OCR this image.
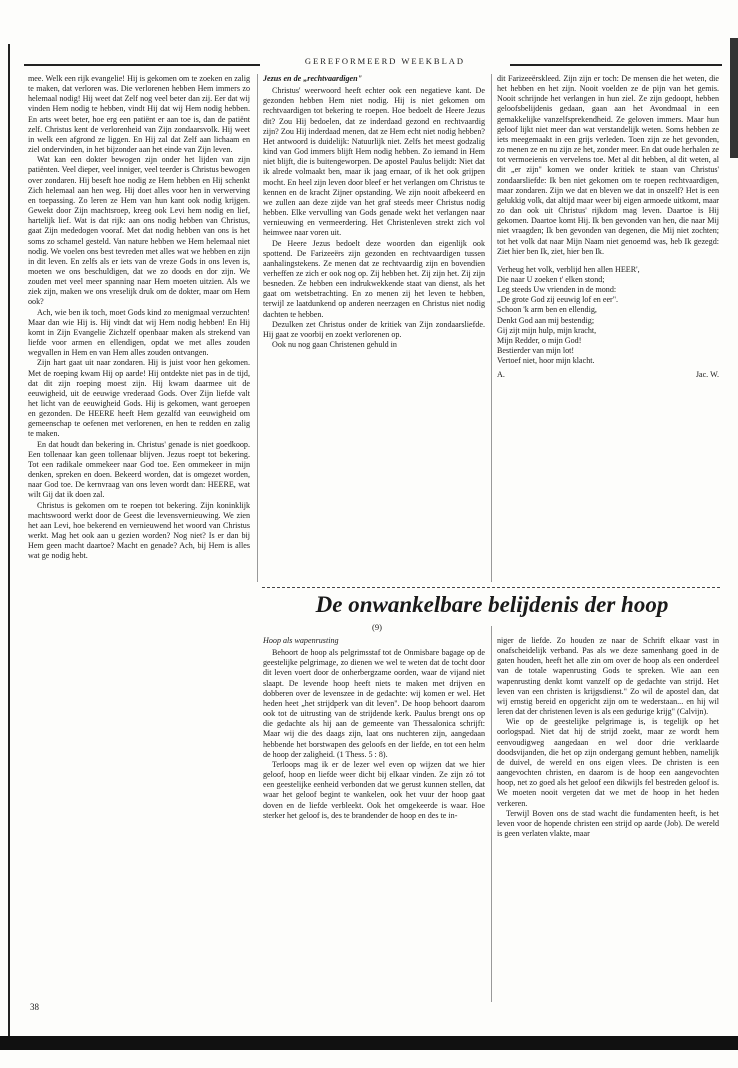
GEREFORMEERD WEEKBLAD

mee. Welk een rijk evangelie! Hij is gekomen om te zoeken en zalig te maken, dat verloren was. Die verlorenen hebben Hem immers zo helemaal nodig! Hij weet dat Zelf nog veel beter dan zij. Eer dat wij vinden Hem nodig te hebben, vindt Hij dat wij Hem nodig hebben. En arts weet beter, hoe erg een patiënt er aan toe is, dan de patiënt zelf. Christus kent de verlorenheid van Zijn zondaarsvolk. Hij weet in welk een afgrond ze liggen. En Hij zal dat Zelf aan lichaam en ziel ondervinden, in het bijzonder aan het einde van Zijn leven.

Wat kan een dokter bewogen zijn onder het lijden van zijn patiënten. Veel dieper, veel inniger, veel teerder is Christus bewogen over zondaren. Hij beseft hoe nodig ze Hem hebben en Hij schenkt Zich helemaal aan hen weg. Hij doet alles voor hen in verwerving en toepassing. Zo leren ze Hem van hun kant ook nodig krijgen. Gewekt door Zijn machtsroep, kreeg ook Levi hem nodig en lief, hartelijk lief. Wat is dat rijk: aan ons nodig hebben van Christus, gaat Zijn mededogen vooraf. Met dat nodig hebben van ons is het soms zo schamel gesteld. Van nature hebben we Hem helemaal niet nodig. We voelen ons best tevreden met alles wat we hebben en zijn in dit leven. En zelfs als er iets van de vreze Gods in ons leven is, moeten we ons beschuldigen, dat we zo doods en dor zijn. We zouden met veel meer spanning naar Hem moeten uitzien. Als we ziek zijn, maken we ons vreselijk druk om de dokter, maar om Hem ook?

Ach, wie ben ik toch, moet Gods kind zo menigmaal verzuchten! Maar dan wie Hij is. Hij vindt dat wij Hem nodig hebben! En Hij komt in Zijn Evangelie Zichzelf openbaar maken als strekend van liefde voor armen en ellendigen, opdat we met alles zouden wegvallen in Hem en van Hem alles zouden ontvangen.

Zijn hart gaat uit naar zondaren. Hij is juist voor hen gekomen. Met de roeping kwam Hij op aarde! Hij ontdekte niet pas in de tijd, dat dit zijn roeping moest zijn. Hij kwam daarmee uit de eeuwigheid, uit de eeuwige vrederaad Gods. Over Zijn liefde valt het licht van de eeuwigheid Gods. Hij is gekomen, want geroepen en gezonden. De HEERE heeft Hem gezalfd van eeuwigheid om gemeenschap te oefenen met verlorenen, en hen te redden en zalig te maken.

En dat houdt dan bekering in. Christus' genade is niet goedkoop. Een tollenaar kan geen tollenaar blijven. Jezus roept tot bekering. Tot een radikale ommekeer naar God toe. Een ommekeer in mijn denken, spreken en doen. Bekeerd worden, dat is omgezet worden, naar God toe. De kernvraag van ons leven wordt dan: HEERE, wat wilt Gij dat ik doen zal.

Christus is gekomen om te roepen tot bekering. Zijn koninklijk machtswoord werkt door de Geest die levensvernieuwing. We zien het aan Levi, hoe bekerend en vernieuwend het woord van Christus werkt. Mag het ook aan u gezien worden? Nog niet? Is er dan bij Hem geen macht daartoe? Macht en genade? Ach, bij Hem is alles wat ge nodig hebt.

Jezus en de „rechtvaardigen"

Christus' weerwoord heeft echter ook een negatieve kant. De gezonden hebben Hem niet nodig. Hij is niet gekomen om rechtvaardigen tot bekering te roepen. Hoe bedoelt de Heere Jezus dit? Zou Hij bedoelen, dat ze inderdaad gezond en rechtvaardig zijn? Zou Hij inderdaad menen, dat ze Hem echt niet nodig hebben? Het antwoord is duidelijk: Natuurlijk niet. Zelfs het meest godzalig kind van God immers blijft Hem nodig hebben. Zo iemand in Hem niet blijft, die is buitengeworpen. De apostel Paulus belijdt: Niet dat ik alrede volmaakt ben, maar ik jaag ernaar, of ik het ook grijpen mocht. En heel zijn leven door bleef er het verlangen om Christus te kennen en de kracht Zijner opstanding. We zijn nooit afbekeerd en we zullen aan deze zijde van het graf steeds meer Christus nodig hebben. Elke vervulling van Gods genade wekt het verlangen naar vernieuwing en vermeerdering. Het Christenleven strekt zich vol heimwee naar voren uit.

De Heere Jezus bedoelt deze woorden dan eigenlijk ook spottend. De Farizeeërs zijn gezonden en rechtvaardigen tussen aanhalingstekens. Ze menen dat ze rechtvaardig zijn en bovendien verheffen ze zich er ook nog op. Zij hebben het. Zij zijn het. Zij zijn besneden. Ze hebben een indrukwekkende staat van dienst, als het gaat om wetsbetrachting. En zo menen zij het leven te hebben, terwijl ze laatdunkend op anderen neerzagen en Christus niet nodig dachten te hebben.

Dezulken zet Christus onder de kritiek van Zijn zondaarsliefde. Hij gaat ze voorbij en zoekt verlorenen op.

Ook nu nog gaan Christenen gehuld in

dit Farizeeërskleed. Zijn zijn er toch: De mensen die het weten, die het hebben en het zijn. Nooit voelden ze de pijn van het gemis. Nooit schrijnde het verlangen in hun ziel. Ze zijn gedoopt, hebben geloofsbelijdenis gedaan, gaan aan het Avondmaal in een gemakkelijke vanzelfsprekendheid. Ze geloven immers. Maar hun geloof lijkt niet meer dan wat verstandelijk weten. Soms hebben ze iets meegemaakt in een grijs verleden. Toen zijn ze het gevonden, zo menen ze en nu zijn ze het, zonder meer. En dat oude herhalen ze tot vermoeienis en vervelens toe. Met al dit hebben, al dit weten, al dit „er zijn" komen we onder kritiek te staan van Christus' zondaarsliefde: Ik ben niet gekomen om te roepen rechtvaardigen, maar zondaren. Zijn we dat en bleven we dat in onszelf? Het is een gelukkig volk, dat altijd maar weer bij eigen armoede uitkomt, maar zo dan ook uit Christus' rijkdom mag leven. Daartoe is Hij gekomen. Daartoe komt Hij. Ik ben gevonden van hen, die naar Mij niet vraagden; Ik ben gevonden van degenen, die Mij niet zochten; tot het volk dat naar Mijn Naam niet genoemd was, heb Ik gezegd: Ziet hier ben Ik, ziet, hier ben Ik.

Verheug het volk, verblijd hen allen HEER',

Die naar U zoeken t' elken stond;

Leg steeds Uw vrienden in de mond:

„De grote God zij eeuwig lof en eer".

Schoon 'k arm ben en ellendig,

Denkt God aan mij bestendig;

Gij zijt mijn hulp, mijn kracht,

Mijn Redder, o mijn God!

Bestierder van mijn lot!

Vertoef niet, hoor mijn klacht.

A.	Jac. W.
De onwankelbare belijdenis der hoop
(9)

Hoop als wapenrusting

Behoort de hoop als pelgrimsstaf tot de Onmisbare bagage op de geestelijke pelgrimage, zo dienen we wel te weten dat de tocht door dit leven voert door de onherbergzame oorden, waar de vijand niet slaapt. De levende hoop heeft niets te maken met drijven en dobberen over de levenszee in de gedachte: wij komen er wel. Het heden heet „het strijdperk van dit leven". De hoop behoort daarom ook tot de uitrusting van de strijdende kerk. Paulus brengt ons op die gedachte als hij aan de gemeente van Thessalonica schrijft: Maar wij die des daags zijn, laat ons nuchteren zijn, aangedaan hebbende het borstwapen des geloofs en der liefde, en tot een helm de hoop der zaligheid. (1 Thess. 5 : 8).

Terloops mag ik er de lezer wel even op wijzen dat we hier geloof, hoop en liefde weer dicht bij elkaar vinden. Ze zijn zó tot een geestelijke eenheid verbonden dat we gerust kunnen stellen, dat waar het geloof begint te wankelen, ook het vuur der hoop gaat doven en de liefde verbleekt. Ook het omgekeerde is waar. Hoe sterker het geloof is, des te brandender de hoop en des te in-

niger de liefde. Zo houden ze naar de Schrift elkaar vast in onafscheidelijk verband. Pas als we deze samenhang goed in de gaten houden, heeft het alle zin om over de hoop als een onderdeel van de totale wapenrusting Gods te spreken. Wie aan een wapenrusting denkt komt vanzelf op de gedachte van strijd. Het leven van een christen is krijgsdienst." Zo wil de apostel dan, dat wij ernstig bereid en opgericht zijn om te wederstaan... en hij wil leren dat der christenen leven is als een gedurige krijg" (Calvijn).

Wie op de geestelijke pelgrimage is, is tegelijk op het oorlogspad. Niet dat hij de strijd zoekt, maar ze wordt hem eenvoudigweg aangedaan en wel door drie verklaarde doodsvijanden, die het op zijn ondergang gemunt hebben, namelijk de duivel, de wereld en ons eigen vlees. De christen is een aangevochten christen, en daarom is de hoop een aangevochten hoop, net zo goed als het geloof een dikwijls fel bestreden geloof is. We moeten nooit vergeten dat we met de hoop in het heden verkeren.

Terwijl Boven ons de stad wacht die fundamenten heeft, is het leven voor de hopende christen een strijd op aarde (Job). De wereld is geen verlaten vlakte, maar

38
